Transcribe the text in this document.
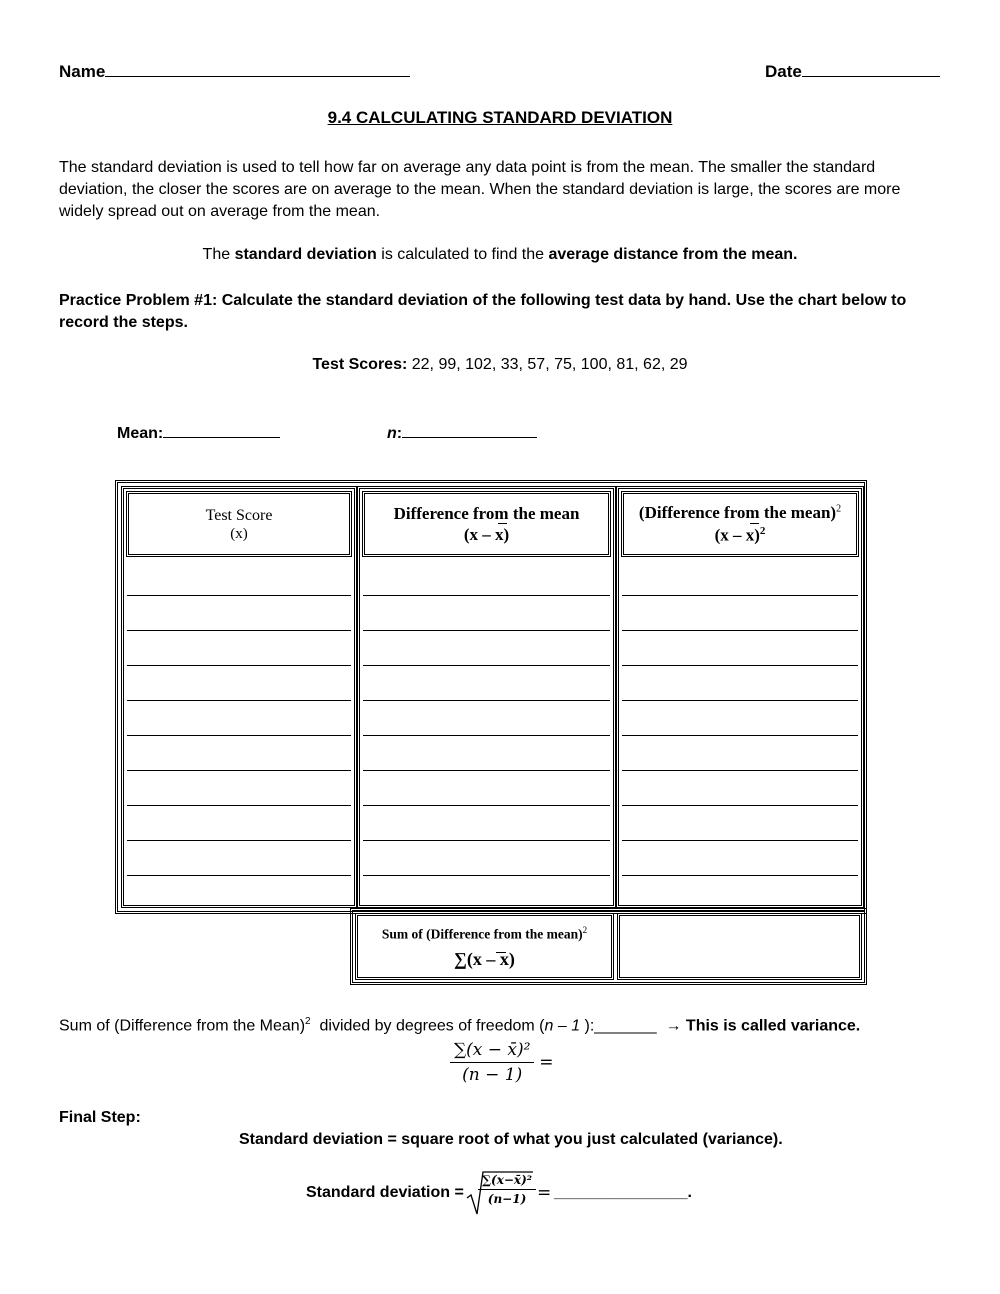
Name	Date
9.4 CALCULATING STANDARD DEVIATION
The standard deviation is used to tell how far on average any data point is from the mean. The smaller the standard deviation, the closer the scores are on average to the mean. When the standard deviation is large, the scores are more widely spread out on average from the mean.
The standard deviation is calculated to find the average distance from the mean.
Practice Problem #1: Calculate the standard deviation of the following test data by hand. Use the chart below to record the steps.
Test Scores: 22, 99, 102, 33, 57, 75, 100, 81, 62, 29
Mean:	n:
Test Score
(x)
Difference from the mean
(x – x)
(Difference from the mean)$^2$
(x – x)$^2$
Sum of (Difference from the mean)$^2$
∑(x – x)
Sum of (Difference from the Mean)$^2$  divided by degrees of freedom (n – 1 ):_______  → This is called variance.
$\frac{\text{∑(x − x̄)²}}{(n - 1)}$ =
Final Step:
Standard deviation = square root of what you just calculated (variance).
Standard deviation = $\frac{\text{∑(x−x̄)²}}{(n-1)}$ = _______________.
